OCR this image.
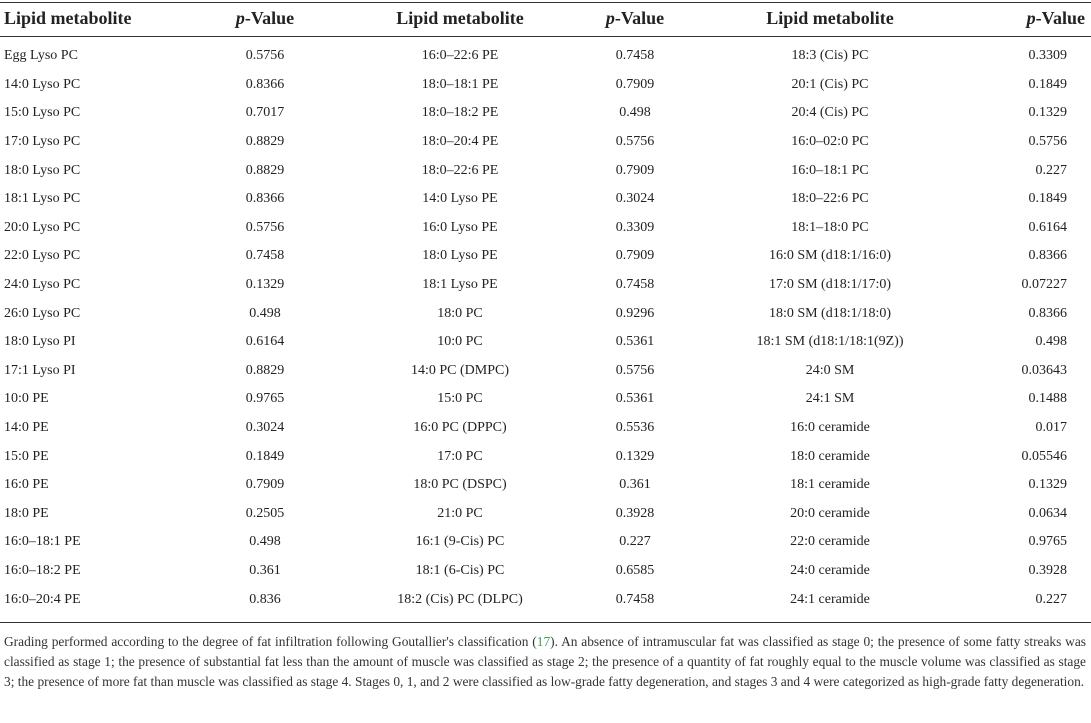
Lipid metabolite	p-Value	Lipid metabolite	p-Value	Lipid metabolite	p-Value
Egg Lyso PC	0.5756	16:0–22:6 PE	0.7458	18:3 (Cis) PC	0.3309
14:0 Lyso PC	0.8366	18:0–18:1 PE	0.7909	20:1 (Cis) PC	0.1849
15:0 Lyso PC	0.7017	18:0–18:2 PE	0.498	20:4 (Cis) PC	0.1329
17:0 Lyso PC	0.8829	18:0–20:4 PE	0.5756	16:0–02:0 PC	0.5756
18:0 Lyso PC	0.8829	18:0–22:6 PE	0.7909	16:0–18:1 PC	0.227
18:1 Lyso PC	0.8366	14:0 Lyso PE	0.3024	18:0–22:6 PC	0.1849
20:0 Lyso PC	0.5756	16:0 Lyso PE	0.3309	18:1–18:0 PC	0.6164
22:0 Lyso PC	0.7458	18:0 Lyso PE	0.7909	16:0 SM (d18:1/16:0)	0.8366
24:0 Lyso PC	0.1329	18:1 Lyso PE	0.7458	17:0 SM (d18:1/17:0)	0.07227
26:0 Lyso PC	0.498	18:0 PC	0.9296	18:0 SM (d18:1/18:0)	0.8366
18:0 Lyso PI	0.6164	10:0 PC	0.5361	18:1 SM (d18:1/18:1(9Z))	0.498
17:1 Lyso PI	0.8829	14:0 PC (DMPC)	0.5756	24:0 SM	0.03643
10:0 PE	0.9765	15:0 PC	0.5361	24:1 SM	0.1488
14:0 PE	0.3024	16:0 PC (DPPC)	0.5536	16:0 ceramide	0.017
15:0 PE	0.1849	17:0 PC	0.1329	18:0 ceramide	0.05546
16:0 PE	0.7909	18:0 PC (DSPC)	0.361	18:1 ceramide	0.1329
18:0 PE	0.2505	21:0 PC	0.3928	20:0 ceramide	0.0634
16:0–18:1 PE	0.498	16:1 (9-Cis) PC	0.227	22:0 ceramide	0.9765
16:0–18:2 PE	0.361	18:1 (6-Cis) PC	0.6585	24:0 ceramide	0.3928
16:0–20:4 PE	0.836	18:2 (Cis) PC (DLPC)	0.7458	24:1 ceramide	0.227
Grading performed according to the degree of fat infiltration following Goutallier's classification (17). An absence of intramuscular fat was classified as stage 0; the presence of some fatty streaks was classified as stage 1; the presence of substantial fat less than the amount of muscle was classified as stage 2; the presence of a quantity of fat roughly equal to the muscle volume was classified as stage 3; the presence of more fat than muscle was classified as stage 4. Stages 0, 1, and 2 were classified as low-grade fatty degeneration, and stages 3 and 4 were categorized as high-grade fatty degeneration.
